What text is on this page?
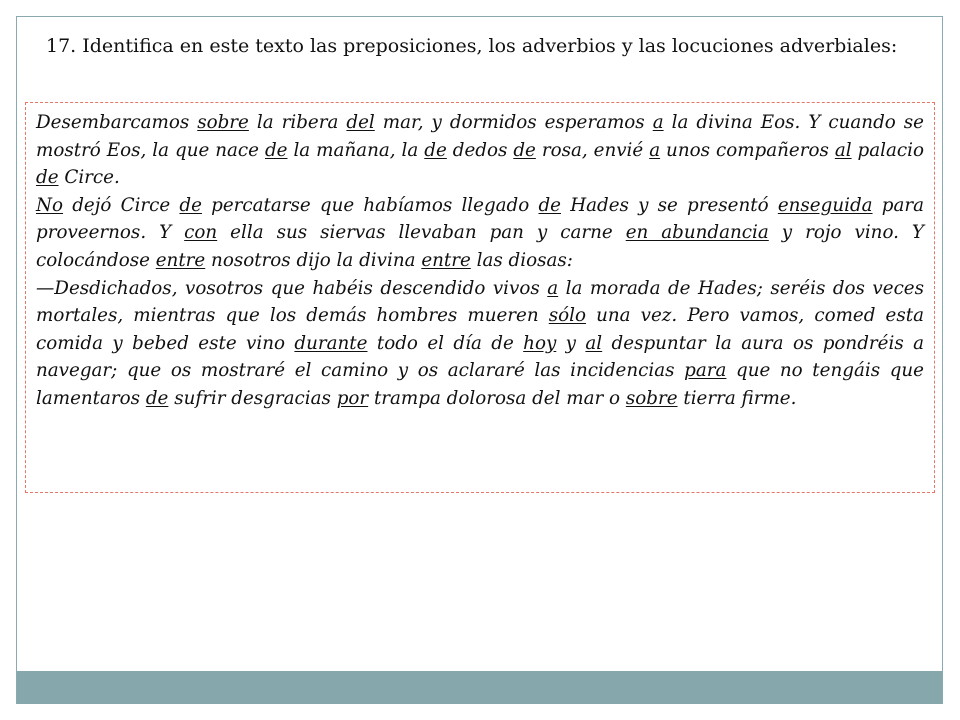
17. Identifica en este texto las preposiciones, los adverbios y las locuciones adverbiales:

Desembarcamos sobre la ribera del mar, y dormidos esperamos a la divina Eos. Y cuando se mostró Eos, la que nace de la mañana, la de dedos de rosa, envié a unos compañeros al palacio de Circe.

No dejó Circe de percatarse que habíamos llegado de Hades y se presentó enseguida para proveernos. Y con ella sus siervas llevaban pan y carne en abundancia y rojo vino. Y colocándose entre nosotros dijo la divina entre las diosas:

—Desdichados, vosotros que habéis descendido vivos a la morada de Hades; seréis dos veces mortales, mientras que los demás hombres mueren sólo una vez. Pero vamos, comed esta comida y bebed este vino durante todo el día de hoy y al despuntar la aura os pondréis a navegar; que os mostraré el camino y os aclararé las incidencias para que no tengáis que lamentaros de sufrir desgracias por trampa dolorosa del mar o sobre tierra firme.
